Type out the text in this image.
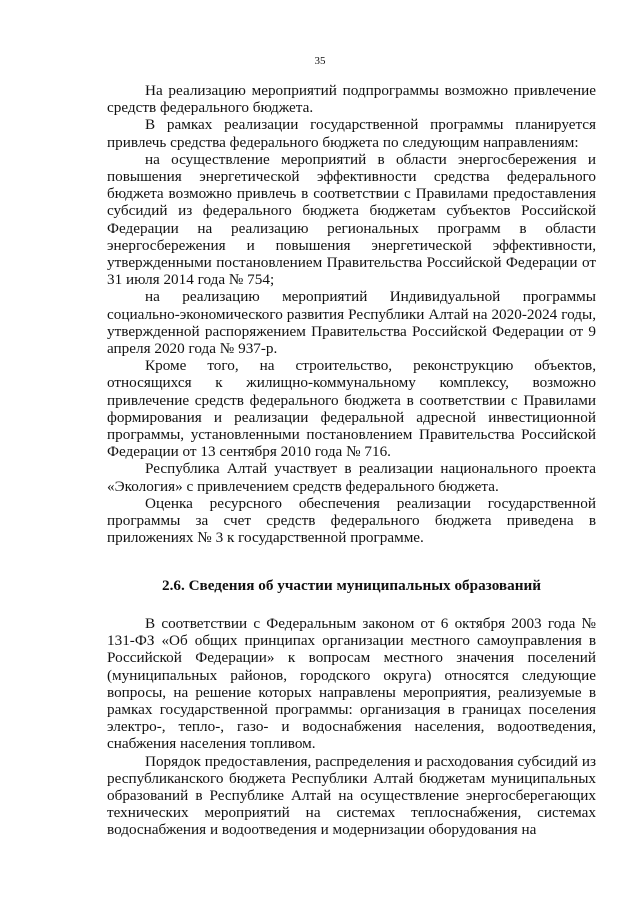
35

На реализацию мероприятий подпрограммы возможно привлечение средств федерального бюджета.

В рамках реализации государственной программы планируется привлечь средства федерального бюджета по следующим направлениям:

на осуществление мероприятий в области энергосбережения и повышения энергетической эффективности средства федерального бюджета возможно привлечь в соответствии с Правилами предоставления субсидий из федерального бюджета бюджетам субъектов Российской Федерации на реализацию региональных программ в области энергосбережения и повышения энергетической эффективности, утвержденными постановлением Правительства Российской Федерации от 31 июля 2014 года № 754;

на реализацию мероприятий Индивидуальной программы социально-экономического развития Республики Алтай на 2020-2024 годы, утвержденной распоряжением Правительства Российской Федерации от 9 апреля 2020 года № 937-р.

Кроме того, на строительство, реконструкцию объектов, относящихся к жилищно-коммунальному комплексу, возможно привлечение средств федерального бюджета в соответствии с Правилами формирования и реализации федеральной адресной инвестиционной программы, установленными постановлением Правительства Российской Федерации от 13 сентября 2010 года № 716.

Республика Алтай участвует в реализации национального проекта «Экология» с привлечением средств федерального бюджета.

Оценка ресурсного обеспечения реализации государственной программы за счет средств федерального бюджета приведена в приложениях № 3 к государственной программе.

2.6. Сведения об участии муниципальных образований

В соответствии с Федеральным законом от 6 октября 2003 года № 131-ФЗ «Об общих принципах организации местного самоуправления в Российской Федерации» к вопросам местного значения поселений (муниципальных районов, городского округа) относятся следующие вопросы, на решение которых направлены мероприятия, реализуемые в рамках государственной программы: организация в границах поселения электро-, тепло-, газо- и водоснабжения населения, водоотведения, снабжения населения топливом.

Порядок предоставления, распределения и расходования субсидий из республиканского бюджета Республики Алтай бюджетам муниципальных образований в Республике Алтай на осуществление энергосберегающих технических мероприятий на системах теплоснабжения, системах водоснабжения и водоотведения и модернизации оборудования на
